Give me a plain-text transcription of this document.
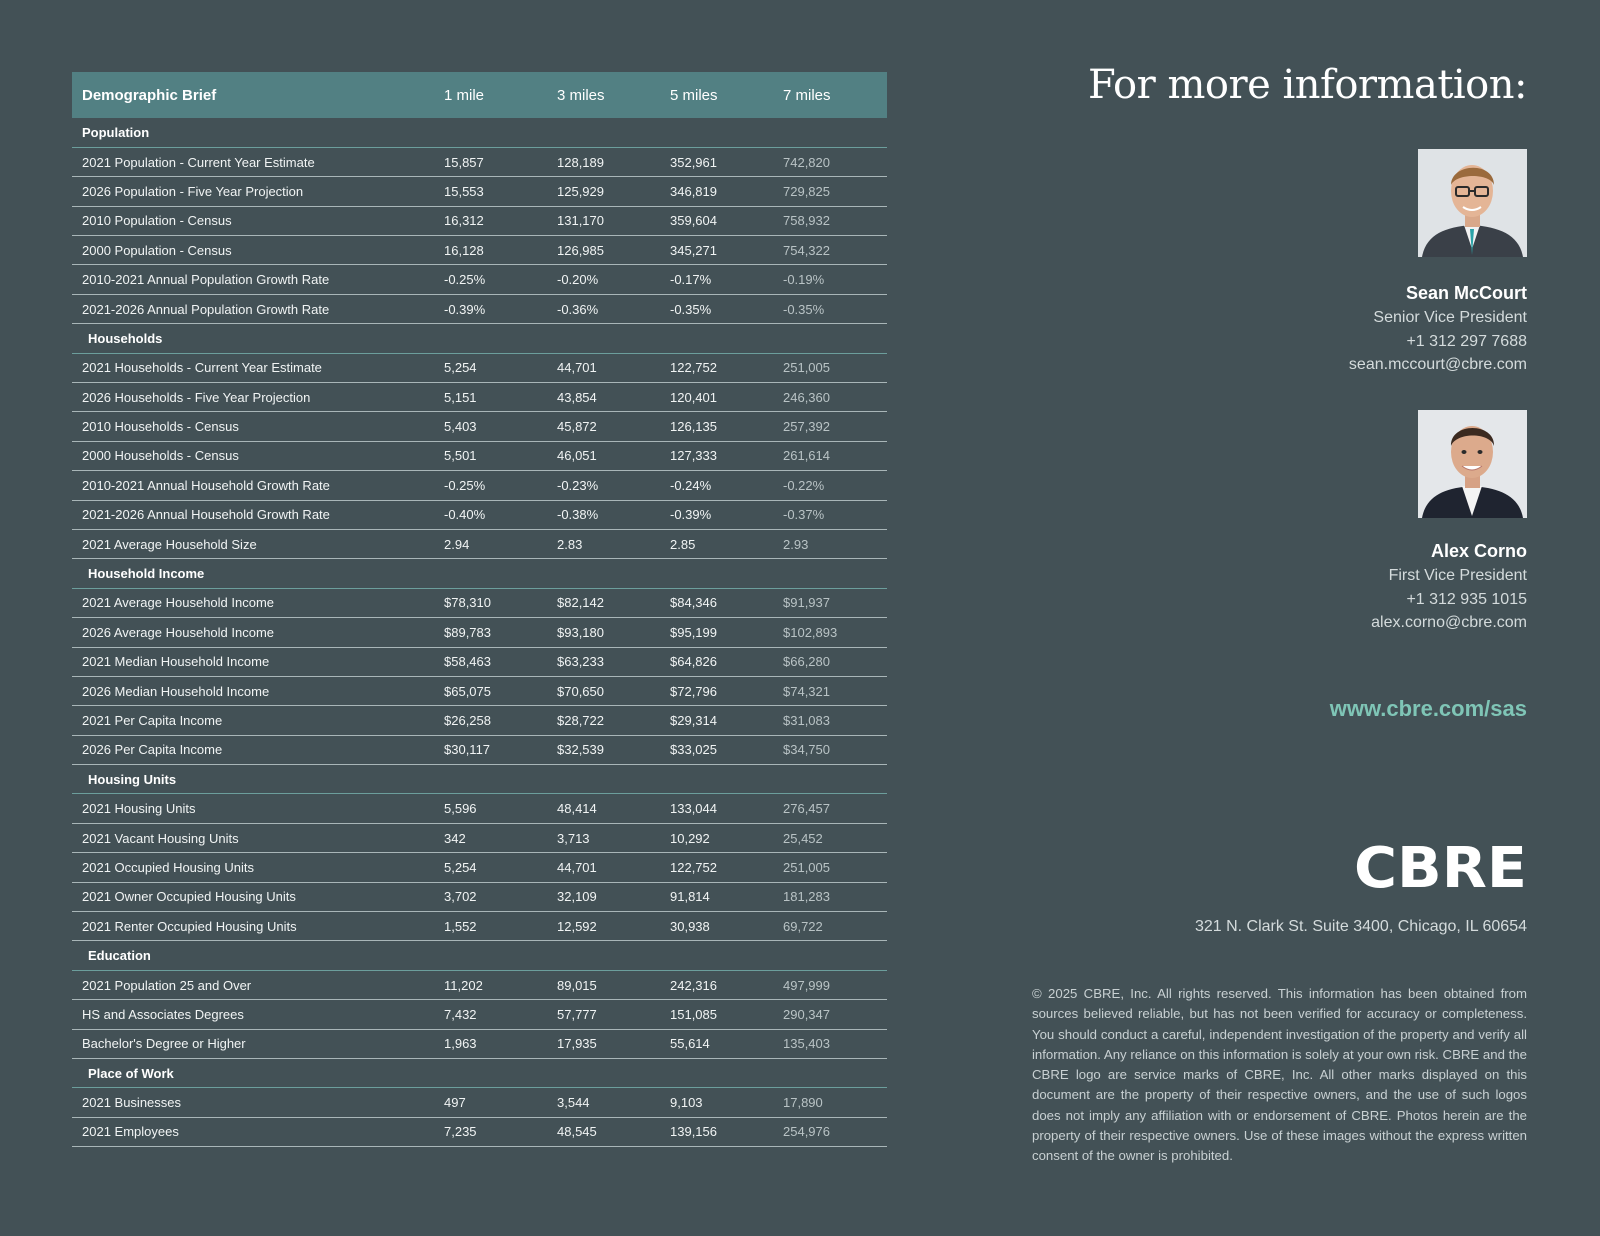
Demographic Brief	1 mile	3 miles	5 miles	7 miles
Population				
2021 Population - Current Year Estimate	15,857	128,189	352,961	742,820
2026 Population - Five Year Projection	15,553	125,929	346,819	729,825
2010 Population - Census	16,312	131,170	359,604	758,932
2000 Population - Census	16,128	126,985	345,271	754,322
2010-2021 Annual Population Growth Rate	-0.25%	-0.20%	-0.17%	-0.19%
2021-2026 Annual Population Growth Rate	-0.39%	-0.36%	-0.35%	-0.35%
Households				
2021 Households - Current Year Estimate	5,254	44,701	122,752	251,005
2026 Households - Five Year Projection	5,151	43,854	120,401	246,360
2010 Households - Census	5,403	45,872	126,135	257,392
2000 Households - Census	5,501	46,051	127,333	261,614
2010-2021 Annual Household Growth Rate	-0.25%	-0.23%	-0.24%	-0.22%
2021-2026 Annual Household Growth Rate	-0.40%	-0.38%	-0.39%	-0.37%
2021 Average Household Size	2.94	2.83	2.85	2.93
Household Income				
2021 Average Household Income	$78,310	$82,142	$84,346	$91,937
2026 Average Household Income	$89,783	$93,180	$95,199	$102,893
2021 Median Household Income	$58,463	$63,233	$64,826	$66,280
2026 Median Household Income	$65,075	$70,650	$72,796	$74,321
2021 Per Capita Income	$26,258	$28,722	$29,314	$31,083
2026 Per Capita Income	$30,117	$32,539	$33,025	$34,750
Housing Units				
2021 Housing Units	5,596	48,414	133,044	276,457
2021 Vacant Housing Units	342	3,713	10,292	25,452
2021 Occupied Housing Units	5,254	44,701	122,752	251,005
2021 Owner Occupied Housing Units	3,702	32,109	91,814	181,283
2021 Renter Occupied Housing Units	1,552	12,592	30,938	69,722
Education				
2021 Population 25 and Over	11,202	89,015	242,316	497,999
HS and Associates Degrees	7,432	57,777	151,085	290,347
Bachelor's Degree or Higher	1,963	17,935	55,614	135,403
Place of Work				
2021 Businesses	497	3,544	9,103	17,890
2021 Employees	7,235	48,545	139,156	254,976
For more information:
Sean McCourt
Senior Vice President
+1 312 297 7688
sean.mccourt@cbre.com
Alex Corno
First Vice President
+1 312 935 1015
alex.corno@cbre.com
www.cbre.com/sas
CBRE
321 N. Clark St. Suite 3400, Chicago, IL 60654
© 2025 CBRE, Inc. All rights reserved. This information has been obtained from sources believed reliable, but has not been verified for accuracy or completeness. You should conduct a careful, independent investigation of the property and verify all information. Any reliance on this information is solely at your own risk. CBRE and the CBRE logo are service marks of CBRE, Inc. All other marks displayed on this document are the property of their respective owners, and the use of such logos does not imply any affiliation with or endorsement of CBRE. Photos herein are the property of their respective owners. Use of these images without the express written consent of the owner is prohibited.
